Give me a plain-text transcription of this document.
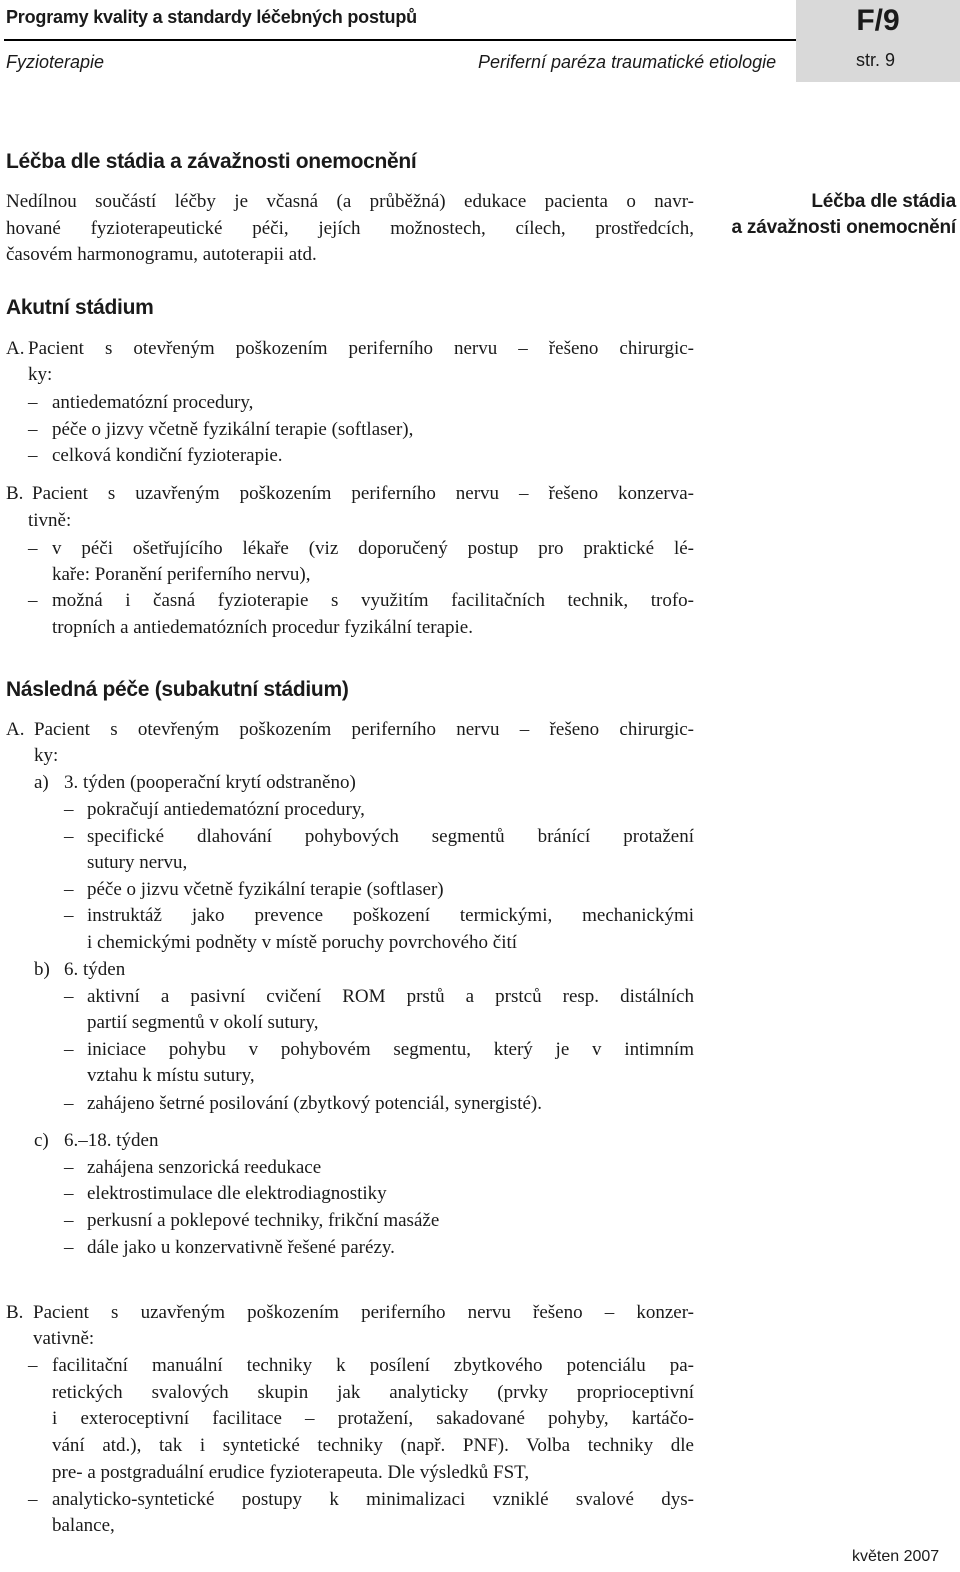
Programy kvality a standardy léčebných postupů
Fyzioterapie	Periferní paréza traumatické etiologie
F/9
str. 9
Léčba dle stádia a závažnosti onemocnění
Léčba dle stádia
a závažnosti onemocnění
Akutní stádium
Následná péče (subakutní stádium)
Nedílnou součástí léčby je včasná (a průběžná) edukace pacienta o navr-
hované fyzioterapeutické péči, jejích možnostech, cílech, prostředcích,
časovém harmonogramu, autoterapii atd.
A. Pacient s otevřeným poškozením periferního nervu – řešeno chirurgic-
ky:
– antiedematózní procedury,
– péče o jizvy včetně fyzikální terapie (softlaser),
– celková kondiční fyzioterapie.
B. Pacient s uzavřeným poškozením periferního nervu – řešeno konzerva-
tivně:
– v péči ošetřujícího lékaře (viz doporučený postup pro praktické lé-
kaře: Poranění periferního nervu),
– možná i časná fyzioterapie s využitím facilitačních technik, trofo-
tropních a antiedematózních procedur fyzikální terapie.
A. Pacient s otevřeným poškozením periferního nervu – řešeno chirurgic-
ky:
a) 3. týden (pooperační krytí odstraněno)
– pokračují antiedematózní procedury,
– specifické dlahování pohybových segmentů bránící protažení
sutury nervu,
– péče o jizvu včetně fyzikální terapie (softlaser)
– instruktáž jako prevence poškození termickými, mechanickými
i chemickými podněty v místě poruchy povrchového čití
b) 6. týden
– aktivní a pasivní cvičení ROM prstů a prstců resp. distálních
partií segmentů v okolí sutury,
– iniciace pohybu v pohybovém segmentu, který je v intimním
vztahu k místu sutury,
– zahájeno šetrné posilování (zbytkový potenciál, synergisté).
c) 6.–18. týden
– zahájena senzorická reedukace
– elektrostimulace dle elektrodiagnostiky
– perkusní a poklepové techniky, frikční masáže
– dále jako u konzervativně řešené parézy.
B. Pacient s uzavřeným poškozením periferního nervu řešeno – konzer-
vativně:
– facilitační manuální techniky k posílení zbytkového potenciálu pa-
retických svalových skupin jak analyticky (prvky proprioceptivní
i exteroceptivní facilitace – protažení, sakadované pohyby, kartáčo-
vání atd.), tak i syntetické techniky (např. PNF). Volba techniky dle
pre- a postgraduální erudice fyzioterapeuta. Dle výsledků FST,
– analyticko-syntetické postupy k minimalizaci vzniklé svalové dys-
balance,
květen 2007
